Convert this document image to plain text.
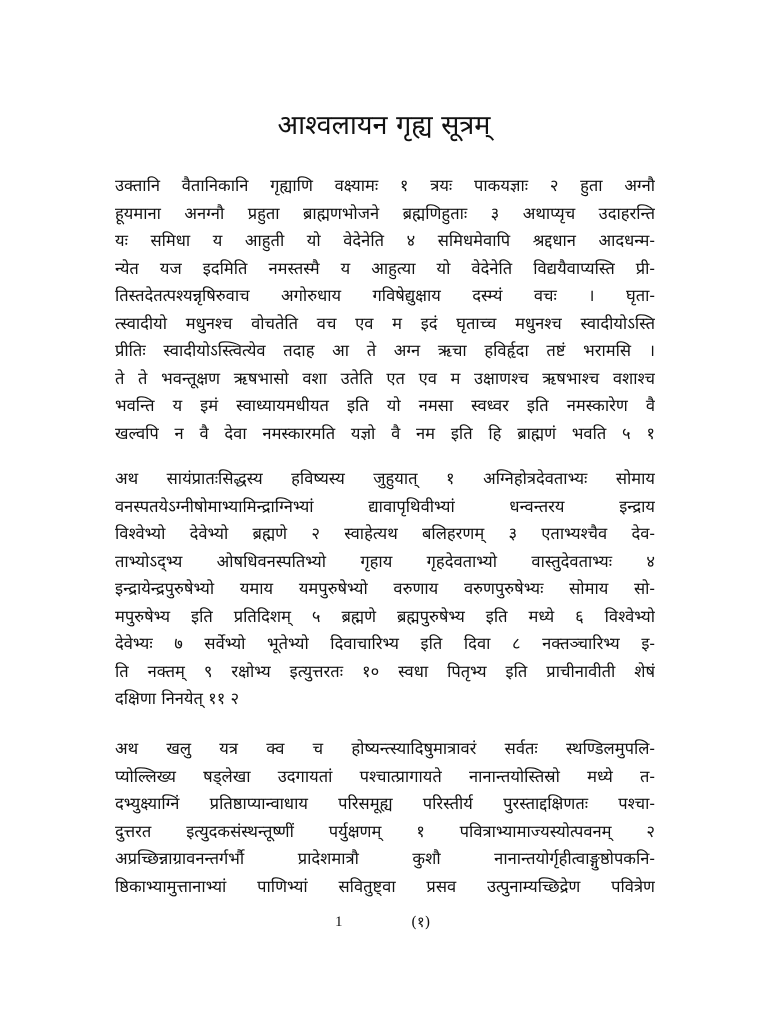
आश्वलायन गृह्य सूत्रम्
उक्तानि वैतानिकानि गृह्याणि वक्ष्यामः १ त्रयः पाकयज्ञाः २ हुता अग्नौ
हूयमाना अनग्नौ प्रहुता ब्राह्मणभोजने ब्रह्मणिहुताः ३ अथाप्यृच उदाहरन्ति
यः समिधा य आहुती यो वेदेनेति ४ समिधमेवापि श्रद्दधान आदधन्म-
न्येत यज इदमिति नमस्तस्मै य आहुत्या यो वेदेनेति विद्ययैवाप्यस्ति प्री-
तिस्तदेतत्पश्यन्नृषिरुवाच अगोरुधाय गविषेद्युक्षाय दस्म्यं वचः । घृता-
त्स्वादीयो मधुनश्च वोचतेति वच एव म इदं घृताच्च मधुनश्च स्वादीयोऽस्ति
प्रीतिः स्वादीयोऽस्त्वित्येव तदाह आ ते अग्न ऋचा हविर्हृदा तष्टं भरामसि ।
ते ते भवन्तूक्षण ऋषभासो वशा उतेति एत एव म उक्षाणश्च ऋषभाश्च वशाश्च
भवन्ति य इमं स्वाध्यायमधीयत इति यो नमसा स्वध्वर इति नमस्कारेण वै
खल्वपि न वै देवा नमस्कारमति यज्ञो वै नम इति हि ब्राह्मणं भवति ५ १
अथ सायंप्रातःसिद्धस्य हविष्यस्य जुहुयात् १ अग्निहोत्रदेवताभ्यः सोमाय
वनस्पतयेऽग्नीषोमाभ्यामिन्द्राग्निभ्यां द्यावापृथिवीभ्यां धन्वन्तरय इन्द्राय
विश्वेभ्यो देवेभ्यो ब्रह्मणे २ स्वाहेत्यथ बलिहरणम् ३ एताभ्यश्चैव देव-
ताभ्योऽद्भ्य ओषधिवनस्पतिभ्यो गृहाय गृहदेवताभ्यो वास्तुदेवताभ्यः ४
इन्द्रायेन्द्रपुरुषेभ्यो यमाय यमपुरुषेभ्यो वरुणाय वरुणपुरुषेभ्यः सोमाय सो-
मपुरुषेभ्य इति प्रतिदिशम् ५ ब्रह्मणे ब्रह्मपुरुषेभ्य इति मध्ये ६ विश्वेभ्यो
देवेभ्यः ७ सर्वेभ्यो भूतेभ्यो दिवाचारिभ्य इति दिवा ८ नक्तञ्चारिभ्य इ-
ति नक्तम् ९ रक्षोभ्य इत्युत्तरतः १० स्वधा पितृभ्य इति प्राचीनावीती शेषं
दक्षिणा निनयेत् ११ २
अथ खलु यत्र क्व च होष्यन्त्स्यादिषुमात्रावरं सर्वतः स्थण्डिलमुपलि-
प्योल्लिख्य षड्लेखा उदगायतां पश्चात्प्रागायते नानान्तयोस्तिस्रो मध्ये त-
दभ्युक्ष्याग्निं प्रतिष्ठाप्यान्वाधाय परिसमूह्य परिस्तीर्य पुरस्ताद्दक्षिणतः पश्चा-
दुत्तरत इत्युदकसंस्थन्तूष्णीं पर्युक्षणम् १ पवित्राभ्यामाज्यस्योत्पवनम् २
अप्रच्छिन्नाग्रावनन्तर्गर्भौ प्रादेशमात्रौ कुशौ नानान्तयोर्गृहीत्वाङ्गुष्ठोपकनि-
ष्ठिकाभ्यामुत्तानाभ्यां पाणिभ्यां सवितुष्ट्वा प्रसव उत्पुनाम्यच्छिद्रेण पवित्रेण
1	(१)
